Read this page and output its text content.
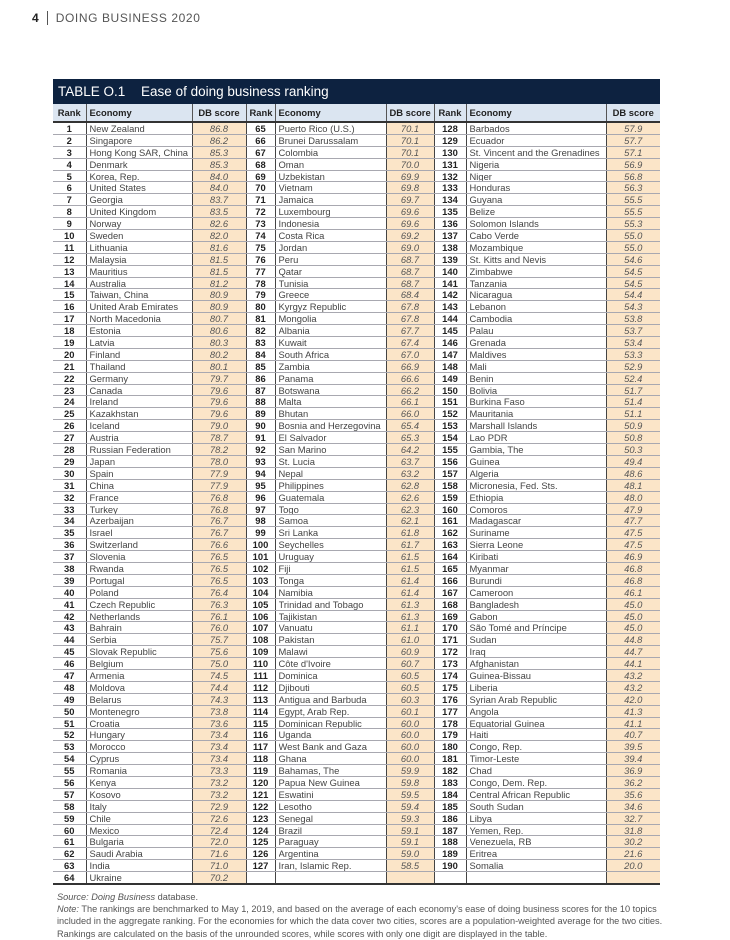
4 DOING BUSINESS 2020
TABLE O.1 Ease of doing business ranking
Rank	Economy	DB score	Rank	Economy	DB score	Rank	Economy	DB score

1	New Zealand	86.8	65	Puerto Rico (U.S.)	70.1	128	Barbados	57.9

2	Singapore	86.2	66	Brunei Darussalam	70.1	129	Ecuador	57.7

3	Hong Kong SAR, China	85.3	67	Colombia	70.1	130	St. Vincent and the Grenadines	57.1

4	Denmark	85.3	68	Oman	70.0	131	Nigeria	56.9

5	Korea, Rep.	84.0	69	Uzbekistan	69.9	132	Niger	56.8

6	United States	84.0	70	Vietnam	69.8	133	Honduras	56.3

7	Georgia	83.7	71	Jamaica	69.7	134	Guyana	55.5

8	United Kingdom	83.5	72	Luxembourg	69.6	135	Belize	55.5

9	Norway	82.6	73	Indonesia	69.6	136	Solomon Islands	55.3

10	Sweden	82.0	74	Costa Rica	69.2	137	Cabo Verde	55.0

11	Lithuania	81.6	75	Jordan	69.0	138	Mozambique	55.0

12	Malaysia	81.5	76	Peru	68.7	139	St. Kitts and Nevis	54.6

13	Mauritius	81.5	77	Qatar	68.7	140	Zimbabwe	54.5

14	Australia	81.2	78	Tunisia	68.7	141	Tanzania	54.5

15	Taiwan, China	80.9	79	Greece	68.4	142	Nicaragua	54.4

16	United Arab Emirates	80.9	80	Kyrgyz Republic	67.8	143	Lebanon	54.3

17	North Macedonia	80.7	81	Mongolia	67.8	144	Cambodia	53.8

18	Estonia	80.6	82	Albania	67.7	145	Palau	53.7

19	Latvia	80.3	83	Kuwait	67.4	146	Grenada	53.4

20	Finland	80.2	84	South Africa	67.0	147	Maldives	53.3

21	Thailand	80.1	85	Zambia	66.9	148	Mali	52.9

22	Germany	79.7	86	Panama	66.6	149	Benin	52.4

23	Canada	79.6	87	Botswana	66.2	150	Bolivia	51.7

24	Ireland	79.6	88	Malta	66.1	151	Burkina Faso	51.4

25	Kazakhstan	79.6	89	Bhutan	66.0	152	Mauritania	51.1

26	Iceland	79.0	90	Bosnia and Herzegovina	65.4	153	Marshall Islands	50.9

27	Austria	78.7	91	El Salvador	65.3	154	Lao PDR	50.8

28	Russian Federation	78.2	92	San Marino	64.2	155	Gambia, The	50.3

29	Japan	78.0	93	St. Lucia	63.7	156	Guinea	49.4

30	Spain	77.9	94	Nepal	63.2	157	Algeria	48.6

31	China	77.9	95	Philippines	62.8	158	Micronesia, Fed. Sts.	48.1

32	France	76.8	96	Guatemala	62.6	159	Ethiopia	48.0

33	Turkey	76.8	97	Togo	62.3	160	Comoros	47.9

34	Azerbaijan	76.7	98	Samoa	62.1	161	Madagascar	47.7

35	Israel	76.7	99	Sri Lanka	61.8	162	Suriname	47.5

36	Switzerland	76.6	100	Seychelles	61.7	163	Sierra Leone	47.5

37	Slovenia	76.5	101	Uruguay	61.5	164	Kiribati	46.9

38	Rwanda	76.5	102	Fiji	61.5	165	Myanmar	46.8

39	Portugal	76.5	103	Tonga	61.4	166	Burundi	46.8

40	Poland	76.4	104	Namibia	61.4	167	Cameroon	46.1

41	Czech Republic	76.3	105	Trinidad and Tobago	61.3	168	Bangladesh	45.0

42	Netherlands	76.1	106	Tajikistan	61.3	169	Gabon	45.0

43	Bahrain	76.0	107	Vanuatu	61.1	170	São Tomé and Príncipe	45.0

44	Serbia	75.7	108	Pakistan	61.0	171	Sudan	44.8

45	Slovak Republic	75.6	109	Malawi	60.9	172	Iraq	44.7

46	Belgium	75.0	110	Côte d'Ivoire	60.7	173	Afghanistan	44.1

47	Armenia	74.5	111	Dominica	60.5	174	Guinea-Bissau	43.2

48	Moldova	74.4	112	Djibouti	60.5	175	Liberia	43.2

49	Belarus	74.3	113	Antigua and Barbuda	60.3	176	Syrian Arab Republic	42.0

50	Montenegro	73.8	114	Egypt, Arab Rep.	60.1	177	Angola	41.3

51	Croatia	73.6	115	Dominican Republic	60.0	178	Equatorial Guinea	41.1

52	Hungary	73.4	116	Uganda	60.0	179	Haiti	40.7

53	Morocco	73.4	117	West Bank and Gaza	60.0	180	Congo, Rep.	39.5

54	Cyprus	73.4	118	Ghana	60.0	181	Timor-Leste	39.4

55	Romania	73.3	119	Bahamas, The	59.9	182	Chad	36.9

56	Kenya	73.2	120	Papua New Guinea	59.8	183	Congo, Dem. Rep.	36.2

57	Kosovo	73.2	121	Eswatini	59.5	184	Central African Republic	35.6

58	Italy	72.9	122	Lesotho	59.4	185	South Sudan	34.6

59	Chile	72.6	123	Senegal	59.3	186	Libya	32.7

60	Mexico	72.4	124	Brazil	59.1	187	Yemen, Rep.	31.8

61	Bulgaria	72.0	125	Paraguay	59.1	188	Venezuela, RB	30.2

62	Saudi Arabia	71.6	126	Argentina	59.0	189	Eritrea	21.6

63	India	71.0	127	Iran, Islamic Rep.	58.5	190	Somalia	20.0

64	Ukraine	70.2						

Source: Doing Business database.
Note: The rankings are benchmarked to May 1, 2019, and based on the average of each economy's ease of doing business scores for the 10 topics included in the aggregate ranking. For the economies for which the data cover two cities, scores are a population-weighted average for the two cities. Rankings are calculated on the basis of the unrounded scores, while scores with only one digit are displayed in the table.
